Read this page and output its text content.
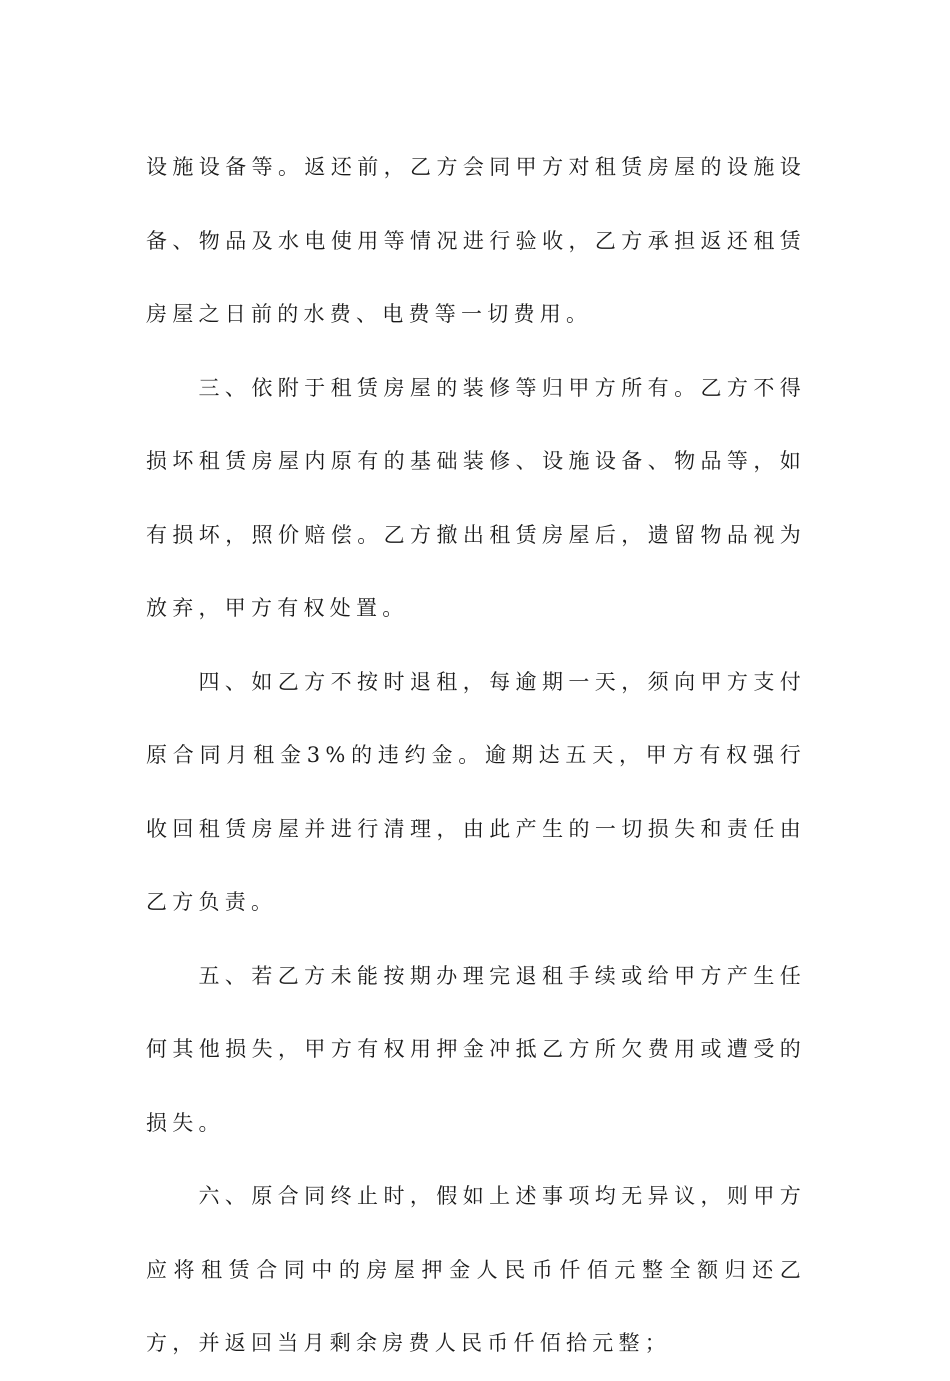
设施设备等。返还前，乙方会同甲方对租赁房屋的设施设备、物品及水电使用等情况进行验收，乙方承担返还租赁房屋之日前的水费、电费等一切费用。

三、依附于租赁房屋的装修等归甲方所有。乙方不得损坏租赁房屋内原有的基础装修、设施设备、物品等，如有损坏，照价赔偿。乙方撤出租赁房屋后，遗留物品视为放弃，甲方有权处置。

四、如乙方不按时退租，每逾期一天，须向甲方支付原合同月租金3%的违约金。逾期达五天，甲方有权强行收回租赁房屋并进行清理，由此产生的一切损失和责任由乙方负责。

五、若乙方未能按期办理完退租手续或给甲方产生任何其他损失，甲方有权用押金冲抵乙方所欠费用或遭受的损失。

六、原合同终止时，假如上述事项均无异议，则甲方应将租赁合同中的房屋押金人民币仟佰元整全额归还乙方，并返回当月剩余房费人民币仟佰拾元整；
